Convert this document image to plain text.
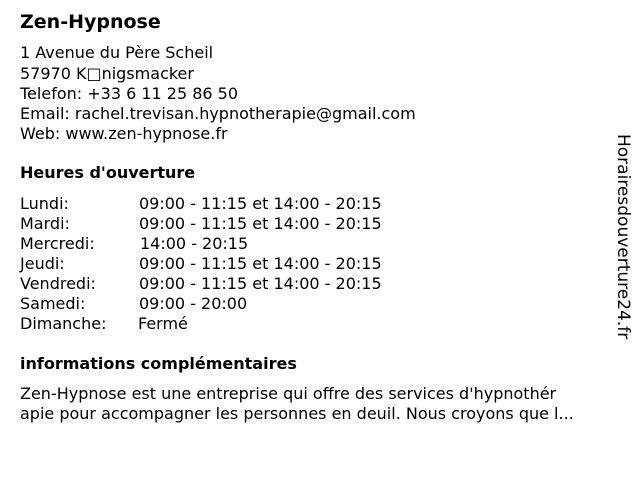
Zen-Hypnose
1 Avenue du Père Scheil
57970 K□nigsmacker
Telefon: +33 6 11 25 86 50
Email: rachel.trevisan.hypnotherapie@gmail.com
Web: www.zen-hypnose.fr
Heures d'ouverture
Lundi:	09:00 - 11:15 et 14:00 - 20:15
Mardi:	09:00 - 11:15 et 14:00 - 20:15
Mercredi:	14:00 - 20:15
Jeudi:	09:00 - 11:15 et 14:00 - 20:15
Vendredi:	09:00 - 11:15 et 14:00 - 20:15
Samedi:	09:00 - 20:00
Dimanche: Fermé
informations complémentaires
Zen-Hypnose est une entreprise qui offre des services d'hypnothér
apie pour accompagner les personnes en deuil. Nous croyons que l...
Horairesdouverture24.fr
